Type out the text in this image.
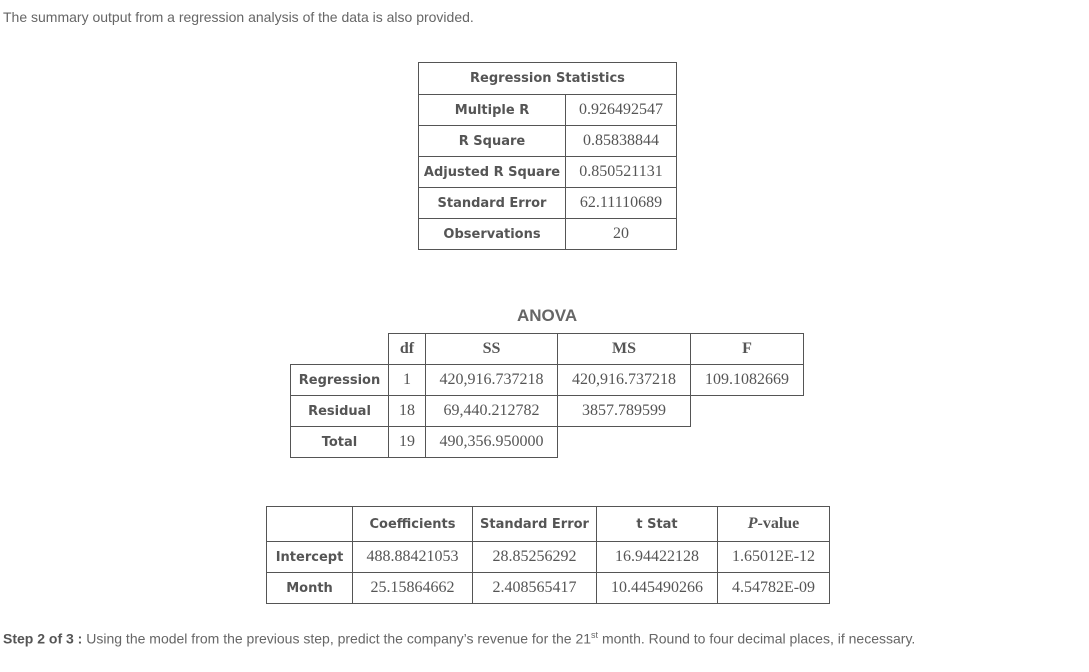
The summary output from a regression analysis of the data is also provided.
Regression Statistics	
Multiple R	0.926492547
R Square	0.85838844
Adjusted R Square	0.850521131
Standard Error	62.11110689
Observations	20
ANOVA
	df	SS	MS	F
Regression	1	420,916.737218	420,916.737218	109.1082669
Residual	18	69,440.212782	3857.789599	
Total	19	490,356.950000		
	Coefficients	Standard Error	t Stat	P-value
Intercept	488.88421053	28.85256292	16.94422128	1.65012E-12
Month	25.15864662	2.408565417	10.445490266	4.54782E-09
Step 2 of 3 : Using the model from the previous step, predict the company’s revenue for the 21st month. Round to four decimal places, if necessary.
